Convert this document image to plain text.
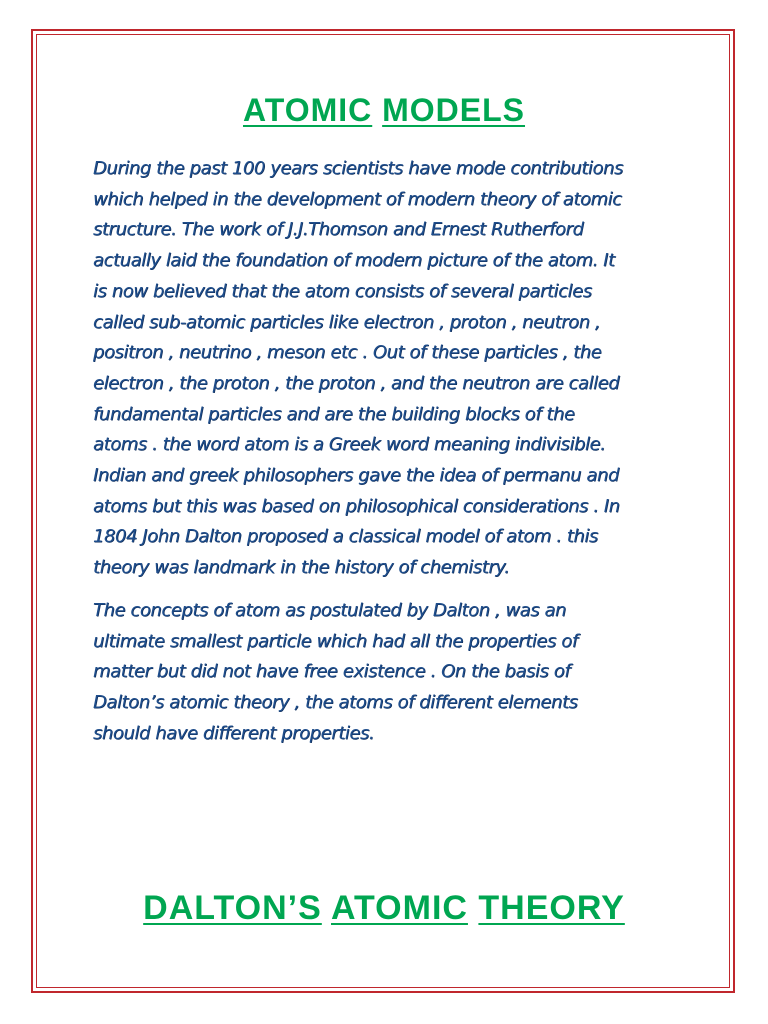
ATOMIC MODELS

During the past 100 years scientists have mode contributions
which helped in the development of modern theory of atomic
structure. The work of J.J.Thomson and Ernest Rutherford
actually laid the foundation of modern picture of the atom. It
is now believed that the atom consists of several particles
called sub-atomic particles like electron , proton , neutron ,
positron , neutrino , meson etc . Out of these particles , the
electron , the proton , the proton , and the neutron are called
fundamental particles and are the building blocks of the
atoms . the word atom is a Greek word meaning indivisible.
Indian and greek philosophers gave the idea of permanu and
atoms but this was based on philosophical considerations . In
1804 John Dalton proposed a classical model of atom . this
theory was landmark in the history of chemistry.

The concepts of atom as postulated by Dalton , was an
ultimate smallest particle which had all the properties of
matter but did not have free existence . On the basis of
Dalton’s atomic theory , the atoms of different elements
should have different properties.

DALTON’S ATOMIC THEORY
